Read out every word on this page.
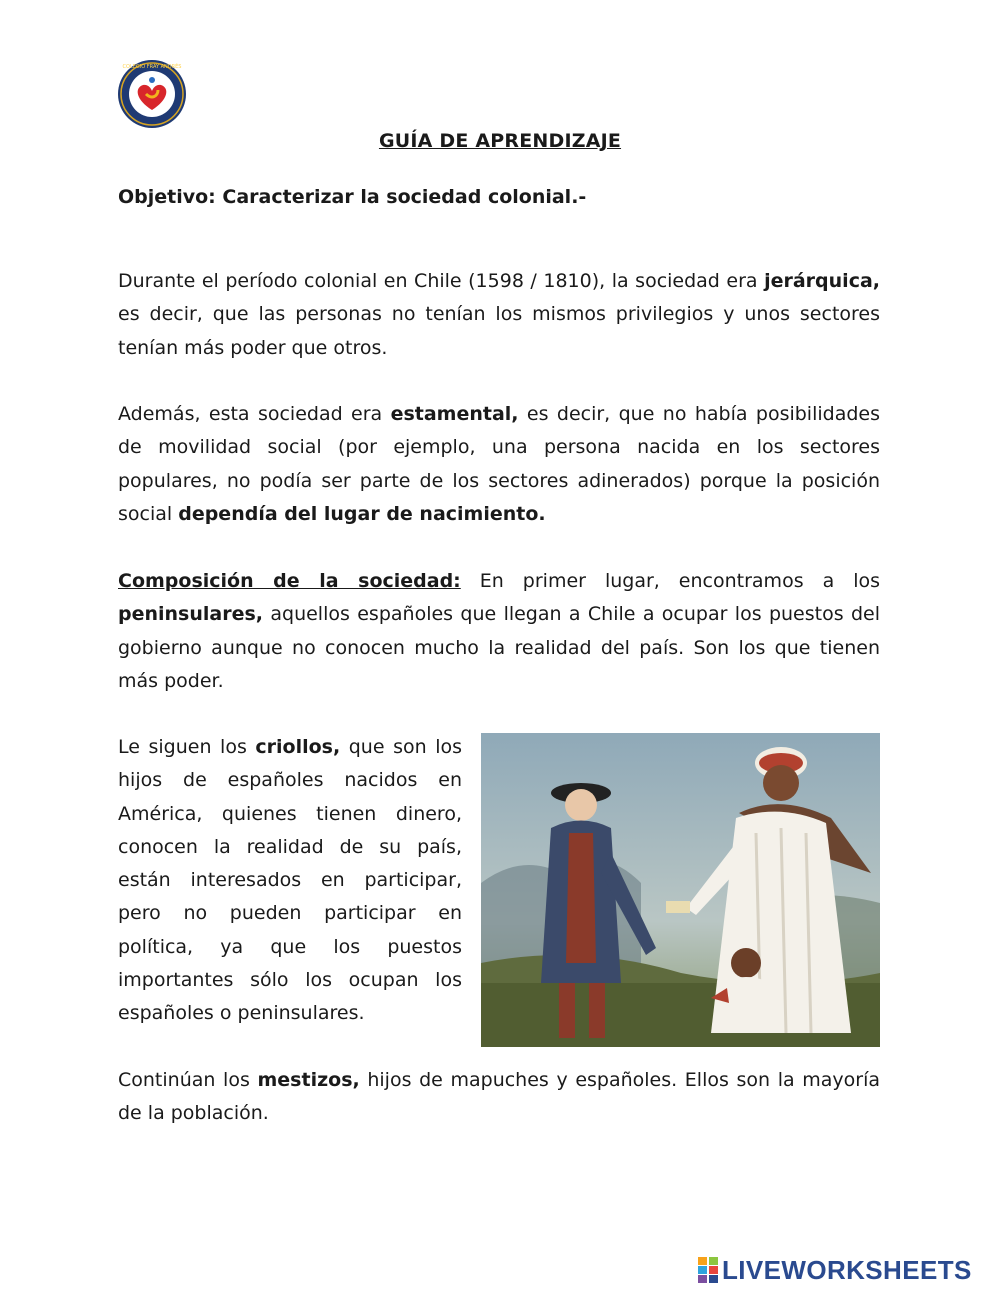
COLEGIO FRAY ANDRÉS
GUÍA DE APRENDIZAJE
Objetivo: Caracterizar la sociedad colonial.-
Durante el período colonial en Chile (1598 / 1810), la sociedad era jerárquica, es decir, que las personas no tenían los mismos privilegios y unos sectores tenían más poder que otros.
Además, esta sociedad era estamental, es decir, que no había posibilidades de movilidad social (por ejemplo, una persona nacida en los sectores populares, no podía ser parte de los sectores adinerados) porque la posición social dependía del lugar de nacimiento.
Composición de la sociedad: En primer lugar, encontramos a los peninsulares, aquellos españoles que llegan a Chile a ocupar los puestos del gobierno aunque no conocen mucho la realidad del país. Son los que tienen más poder.
Le siguen los criollos, que son los hijos de españoles nacidos en América, quienes tienen dinero, conocen la realidad de su país, están interesados en participar, pero no pueden participar en política, ya que los puestos importantes sólo los ocupan los españoles o peninsulares.
Continúan los mestizos, hijos de mapuches y españoles. Ellos son la mayoría de la población.
LIVEWORKSHEETS
